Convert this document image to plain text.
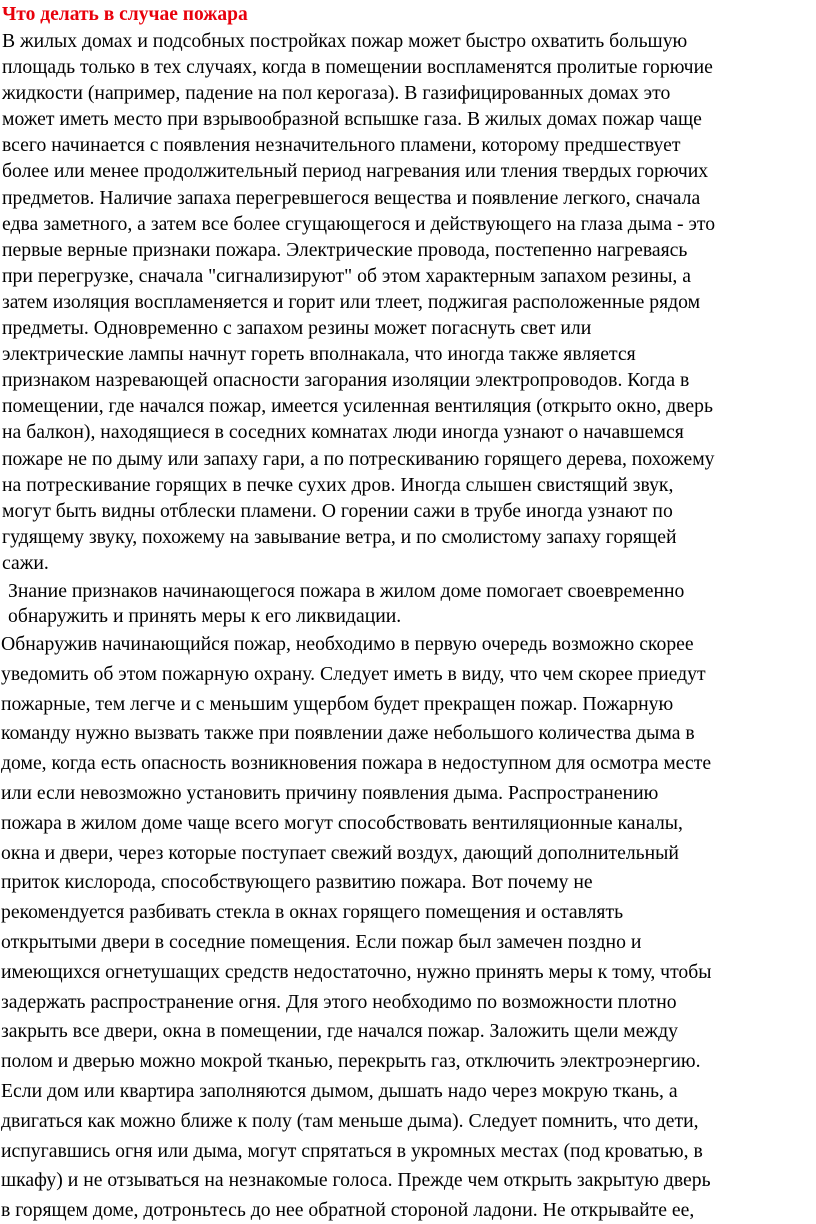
Что делать в случае пожара

В жилых домах и подсобных постройках пожар может быстро охватить большую
площадь только в тех случаях, когда в помещении воспламенятся пролитые горючие
жидкости (например, падение на пол керогаза). В газифицированных домах это
может иметь место при взрывообразной вспышке газа. В жилых домах пожар чаще
всего начинается с появления незначительного пламени, которому предшествует
более или менее продолжительный период нагревания или тления твердых горючих
предметов. Наличие запаха перегревшегося вещества и появление легкого, сначала
едва заметного, а затем все более сгущающегося и действующего на глаза дыма - это
первые верные признаки пожара. Электрические провода, постепенно нагреваясь
при перегрузке, сначала "сигнализируют" об этом характерным запахом резины, а
затем изоляция воспламеняется и горит или тлеет, поджигая расположенные рядом
предметы. Одновременно с запахом резины может погаснуть свет или
электрические лампы начнут гореть вполнакала, что иногда также является
признаком назревающей опасности загорания изоляции электропроводов. Когда в
помещении, где начался пожар, имеется усиленная вентиляция (открыто окно, дверь
на балкон), находящиеся в соседних комнатах люди иногда узнают о начавшемся
пожаре не по дыму или запаху гари, а по потрескиванию горящего дерева, похожему
на потрескивание горящих в печке сухих дров. Иногда слышен свистящий звук,
могут быть видны отблески пламени. О горении сажи в трубе иногда узнают по
гудящему звуку, похожему на завывание ветра, и по смолистому запаху горящей
сажи.

Знание признаков начинающегося пожара в жилом доме помогает своевременно
обнаружить и принять меры к его ликвидации.

Обнаружив начинающийся пожар, необходимо в первую очередь возможно скорее
уведомить об этом пожарную охрану. Следует иметь в виду, что чем скорее приедут
пожарные, тем легче и с меньшим ущербом будет прекращен пожар. Пожарную
команду нужно вызвать также при появлении даже небольшого количества дыма в
доме, когда есть опасность возникновения пожара в недоступном для осмотра месте
или если невозможно установить причину появления дыма. Распространению
пожара в жилом доме чаще всего могут способствовать вентиляционные каналы,
окна и двери, через которые поступает свежий воздух, дающий дополнительный
приток кислорода, способствующего развитию пожара. Вот почему не
рекомендуется разбивать стекла в окнах горящего помещения и оставлять
открытыми двери в соседние помещения. Если пожар был замечен поздно и
имеющихся огнетушащих средств недостаточно, нужно принять меры к тому, чтобы
задержать распространение огня. Для этого необходимо по возможности плотно
закрыть все двери, окна в помещении, где начался пожар. Заложить щели между
полом и дверью можно мокрой тканью, перекрыть газ, отключить электроэнергию.
Если дом или квартира заполняются дымом, дышать надо через мокрую ткань, а
двигаться как можно ближе к полу (там меньше дыма). Следует помнить, что дети,
испугавшись огня или дыма, могут спрятаться в укромных местах (под кроватью, в
шкафу) и не отзываться на незнакомые голоса. Прежде чем открыть закрытую дверь
в горящем доме, дотроньтесь до нее обратной стороной ладони. Не открывайте ее,
